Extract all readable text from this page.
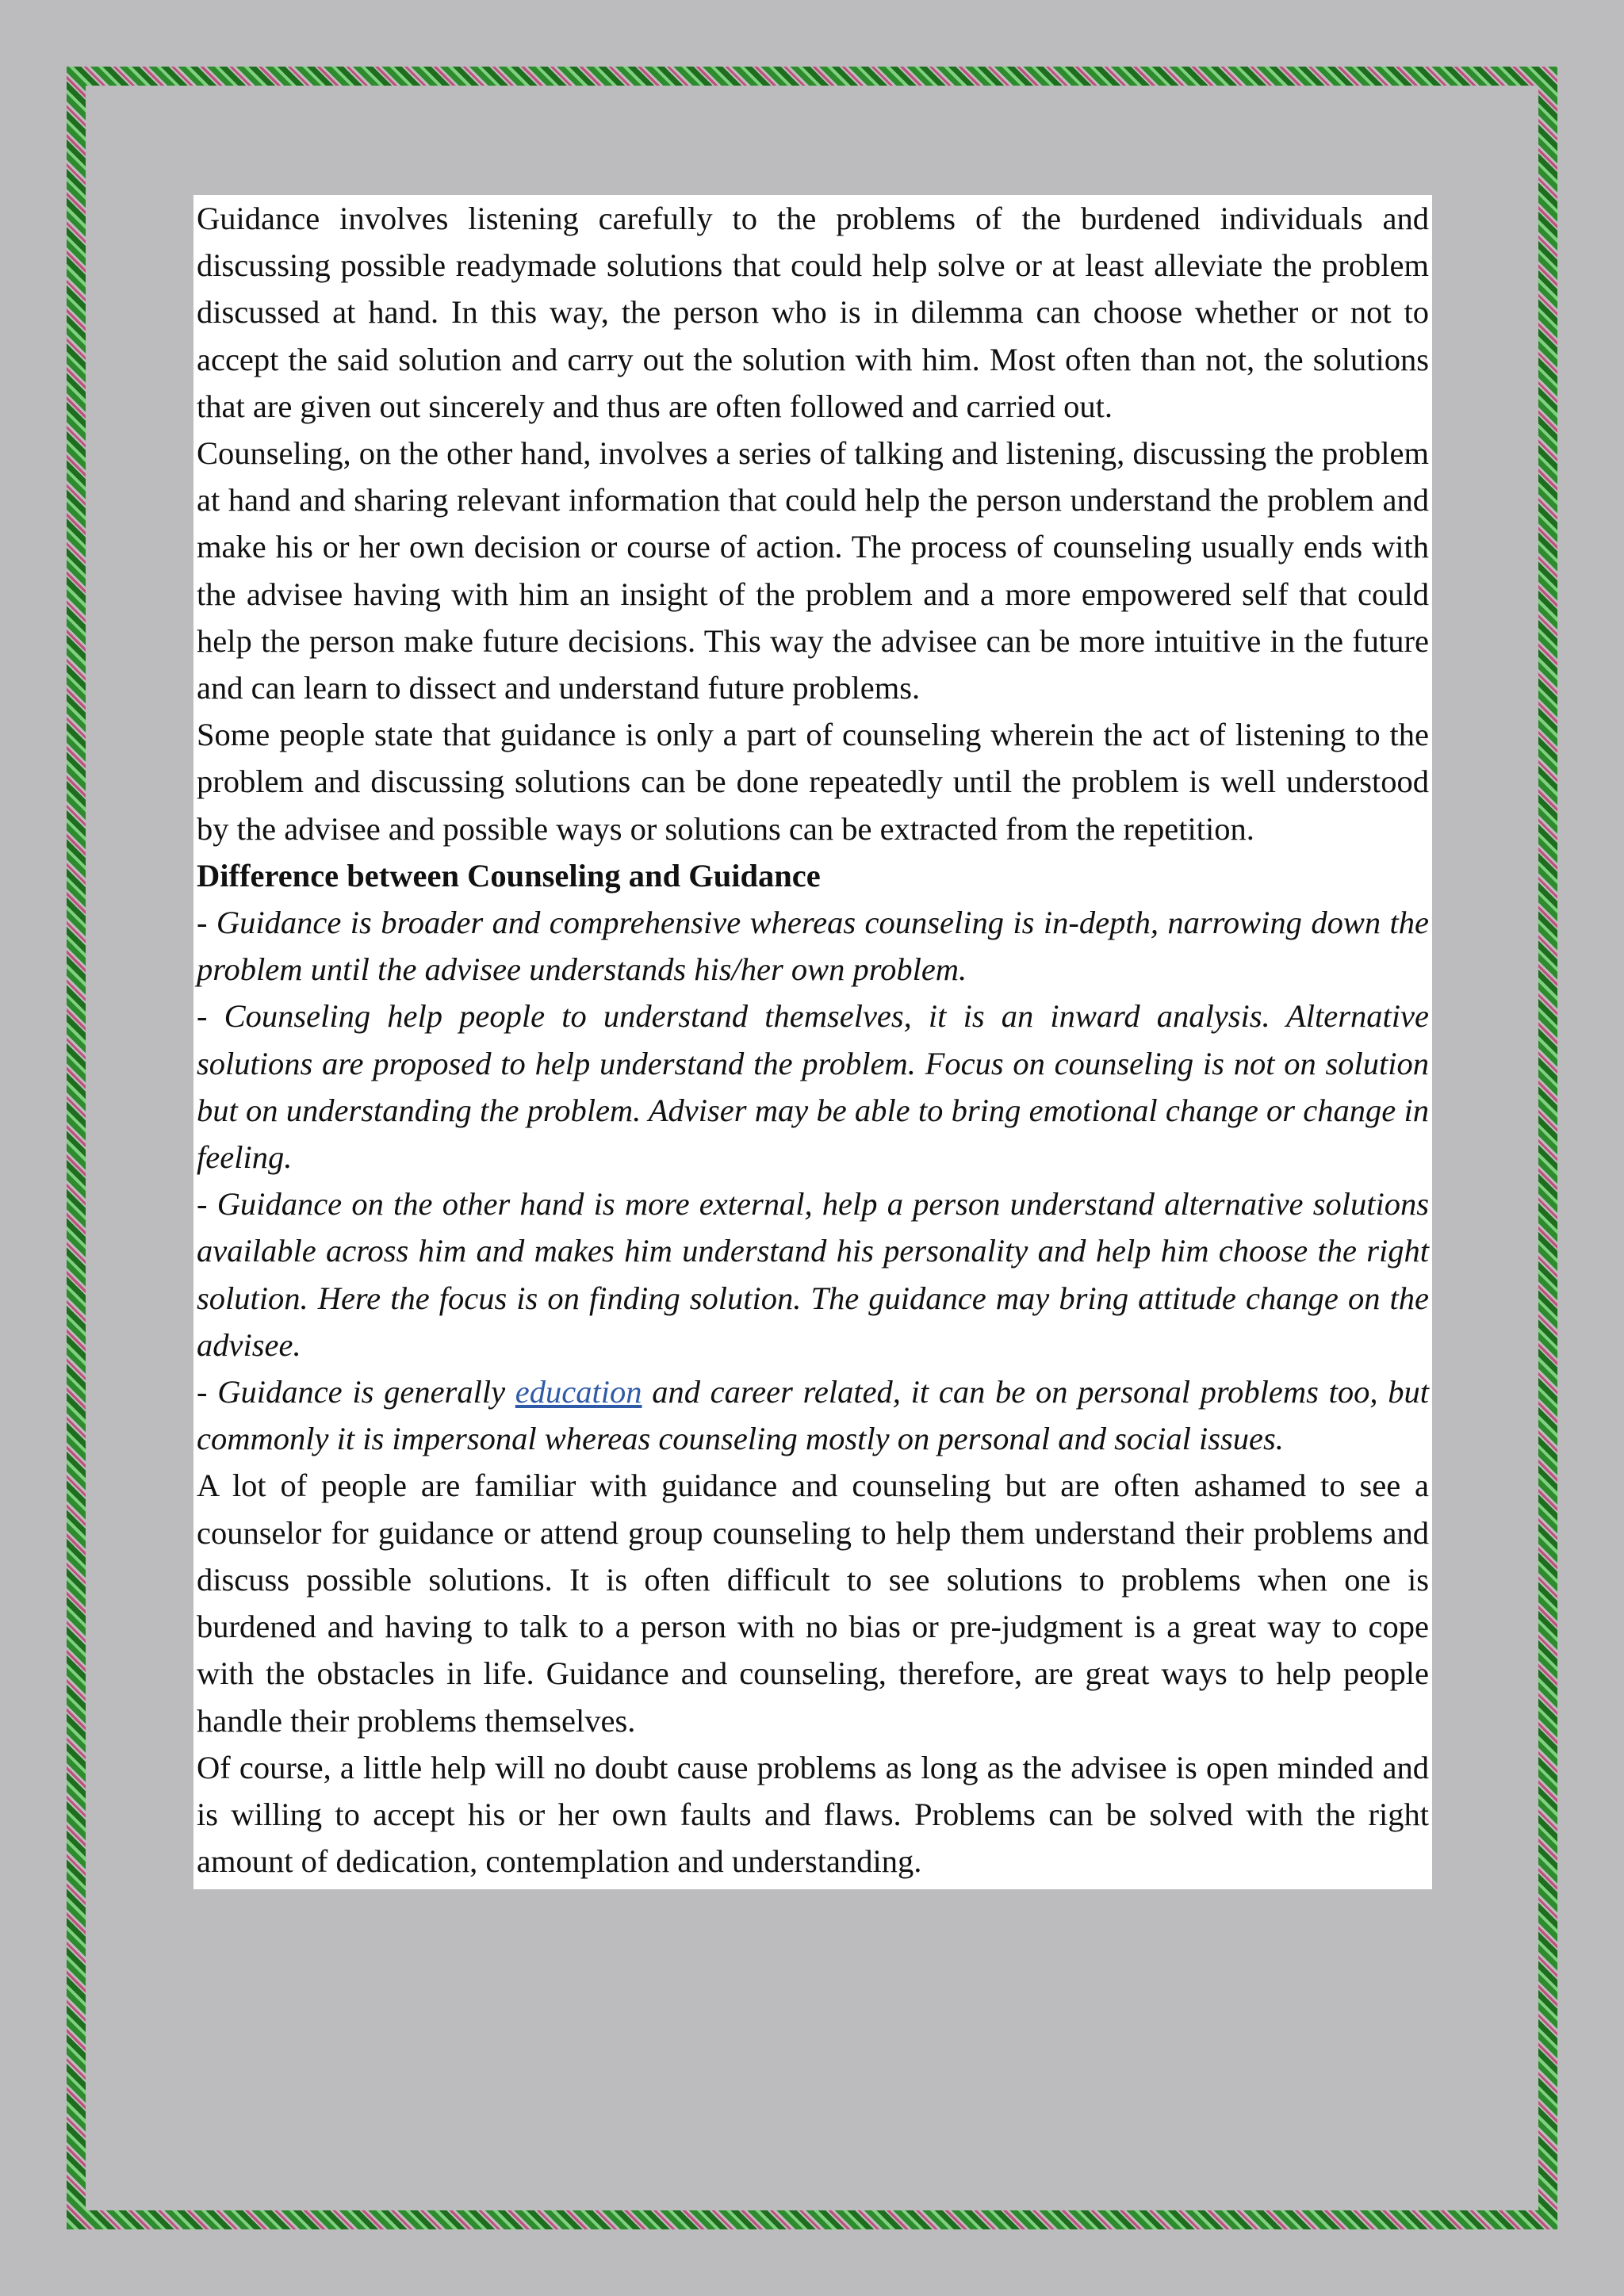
Guidance involves listening carefully to the problems of the burdened individuals and discussing possible readymade solutions that could help solve or at least alleviate the problem discussed at hand. In this way, the person who is in dilemma can choose whether or not to accept the said solution and carry out the solution with him. Most often than not, the solutions that are given out sincerely and thus are often followed and carried out.

Counseling, on the other hand, involves a series of talking and listening, discussing the problem at hand and sharing relevant information that could help the person understand the problem and make his or her own decision or course of action. The process of counseling usually ends with the advisee having with him an insight of the problem and a more empowered self that could help the person make future decisions. This way the advisee can be more intuitive in the future and can learn to dissect and understand future problems.

Some people state that guidance is only a part of counseling wherein the act of listening to the problem and discussing solutions can be done repeatedly until the problem is well understood by the advisee and possible ways or solutions can be extracted from the repetition.

Difference between Counseling and Guidance

- Guidance is broader and comprehensive whereas counseling is in-depth, narrowing down the problem until the advisee understands his/her own problem.

- Counseling help people to understand themselves, it is an inward analysis. Alternative solutions are proposed to help understand the problem. Focus on counseling is not on solution but on understanding the problem. Adviser may be able to bring emotional change or change in feeling.

- Guidance on the other hand is more external, help a person understand alternative solutions available across him and makes him understand his personality and help him choose the right solution. Here the focus is on finding solution. The guidance may bring attitude change on the advisee.

- Guidance is generally education and career related, it can be on personal problems too, but commonly it is impersonal whereas counseling mostly on personal and social issues.

A lot of people are familiar with guidance and counseling but are often ashamed to see a counselor for guidance or attend group counseling to help them understand their problems and discuss possible solutions. It is often difficult to see solutions to problems when one is burdened and having to talk to a person with no bias or pre-judgment is a great way to cope with the obstacles in life. Guidance and counseling, therefore, are great ways to help people handle their problems themselves.

Of course, a little help will no doubt cause problems as long as the advisee is open minded and is willing to accept his or her own faults and flaws. Problems can be solved with the right amount of dedication, contemplation and understanding.
